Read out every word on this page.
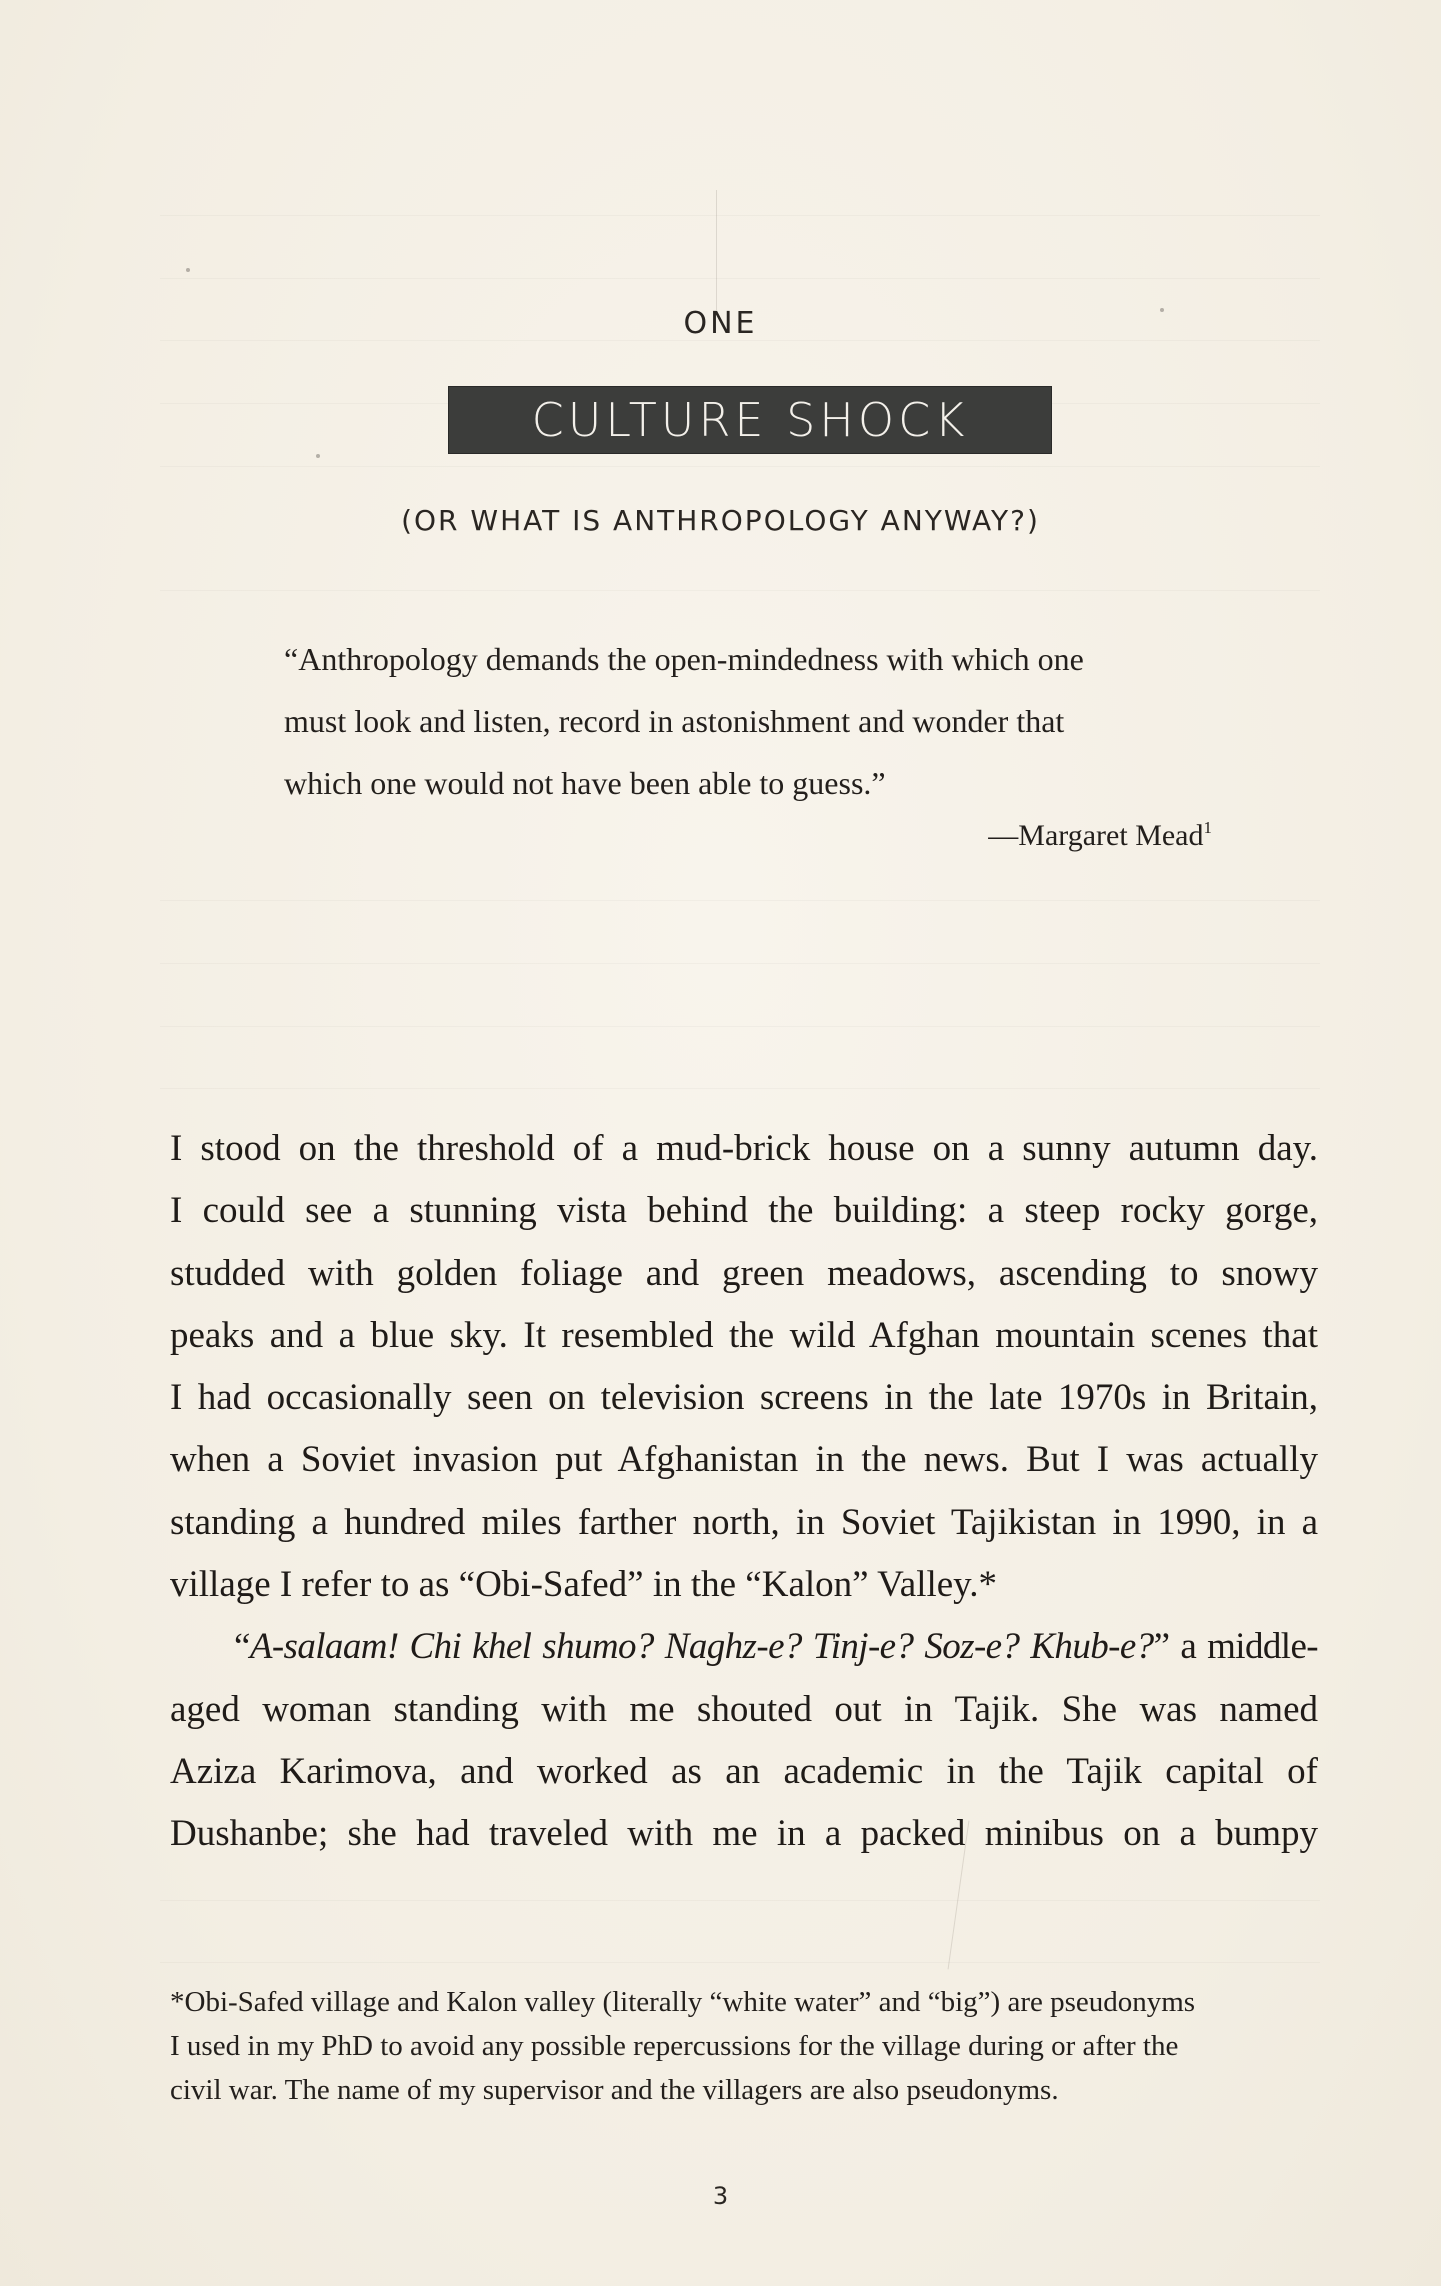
ONE
CULTURE SHOCK
(OR WHAT IS ANTHROPOLOGY ANYWAY?)
“Anthropology demands the open-mindedness with which one
must look and listen, record in astonishment and wonder that
which one would not have been able to guess.”
—Margaret Mead$^1$
I stood on the threshold of a mud-brick house on a sunny autumn day.
I could see a stunning vista behind the building: a steep rocky gorge,
studded with golden foliage and green meadows, ascending to snowy
peaks and a blue sky. It resembled the wild Afghan mountain scenes that
I had occasionally seen on television screens in the late 1970s in Britain,
when a Soviet invasion put Afghanistan in the news. But I was actually
standing a hundred miles farther north, in Soviet Tajikistan in 1990, in a
village I refer to as “Obi-Safed” in the “Kalon” Valley.*
“A-salaam! Chi khel shumo? Naghz-e? Tinj-e? Soz-e? Khub-e?” a middle-
aged woman standing with me shouted out in Tajik. She was named
Aziza Karimova, and worked as an academic in the Tajik capital of
Dushanbe; she had traveled with me in a packed minibus on a bumpy
*Obi-Safed village and Kalon valley (literally “white water” and “big”) are pseudonyms
I used in my PhD to avoid any possible repercussions for the village during or after the
civil war. The name of my supervisor and the villagers are also pseudonyms.
3
